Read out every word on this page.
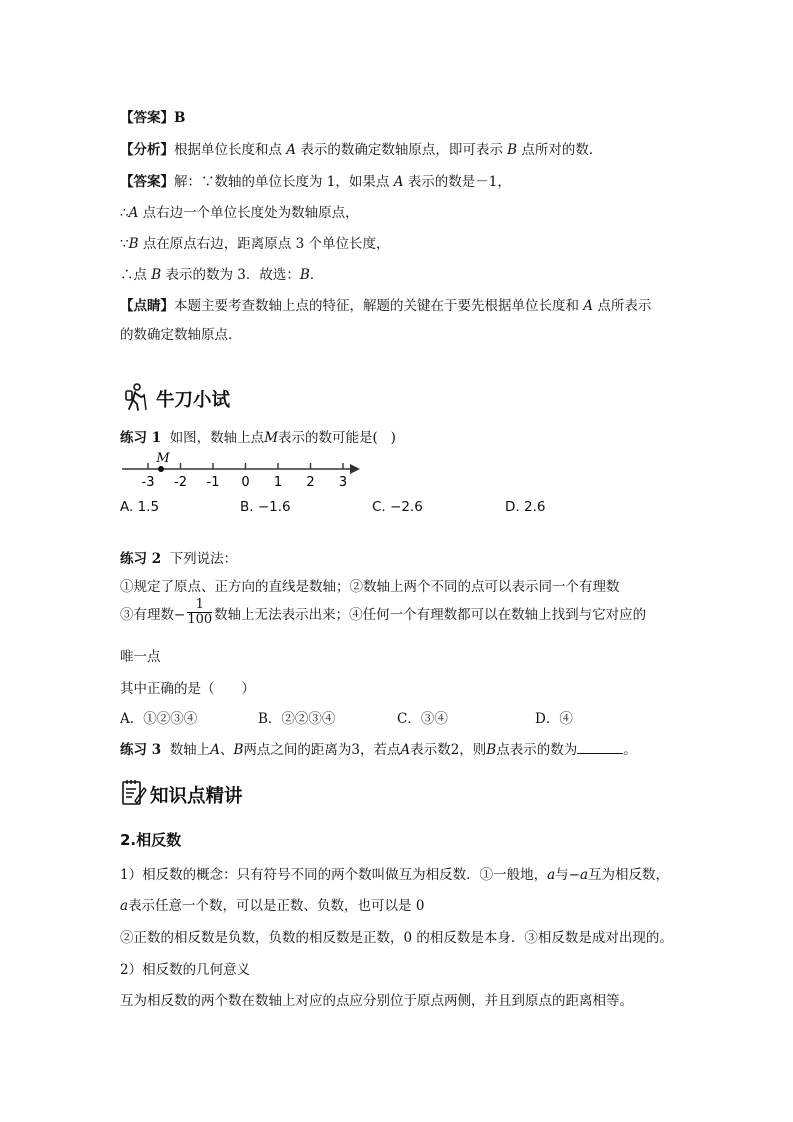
【答案】B
【分析】根据单位长度和点 A 表示的数确定数轴原点，即可表示 B 点所对的数．
【答案】解：∵数轴的单位长度为 1，如果点 A 表示的数是－1，
∴A 点右边一个单位长度处为数轴原点，
∵B 点在原点右边，距离原点 3 个单位长度，
∴点 B 表示的数为 3．故选：B．
【点睛】本题主要考查数轴上点的特征，解题的关键在于要先根据单位长度和 A 点所表示
的数确定数轴原点．
牛刀小试
练习 1 如图，数轴上点M表示的数可能是( )
-3 -2 -1 0 1 2 3
M
A. 1.5	B. −1.6	C. −2.6	D. 2.6
练习 2 下列说法：
①规定了原点、正方向的直线是数轴；②数轴上两个不同的点可以表示同一个有理数
③有理数− $\frac{1}{100}$ 数轴上无法表示出来；④任何一个有理数都可以在数轴上找到与它对应的
唯一点
其中正确的是（　　）
A．①②③④	B．②②③④	C．③④	D．④
练习 3 数轴上A、B两点之间的距离为3，若点A表示数2，则B点表示的数为	。
知识点精讲
2.相反数
1）相反数的概念：只有符号不同的两个数叫做互为相反数．①一般地，a与−a互为相反数，
a表示任意一个数，可以是正数、负数，也可以是 0
②正数的相反数是负数，负数的相反数是正数，0 的相反数是本身．③相反数是成对出现的。
2）相反数的几何意义
互为相反数的两个数在数轴上对应的点应分别位于原点两侧，并且到原点的距离相等。
